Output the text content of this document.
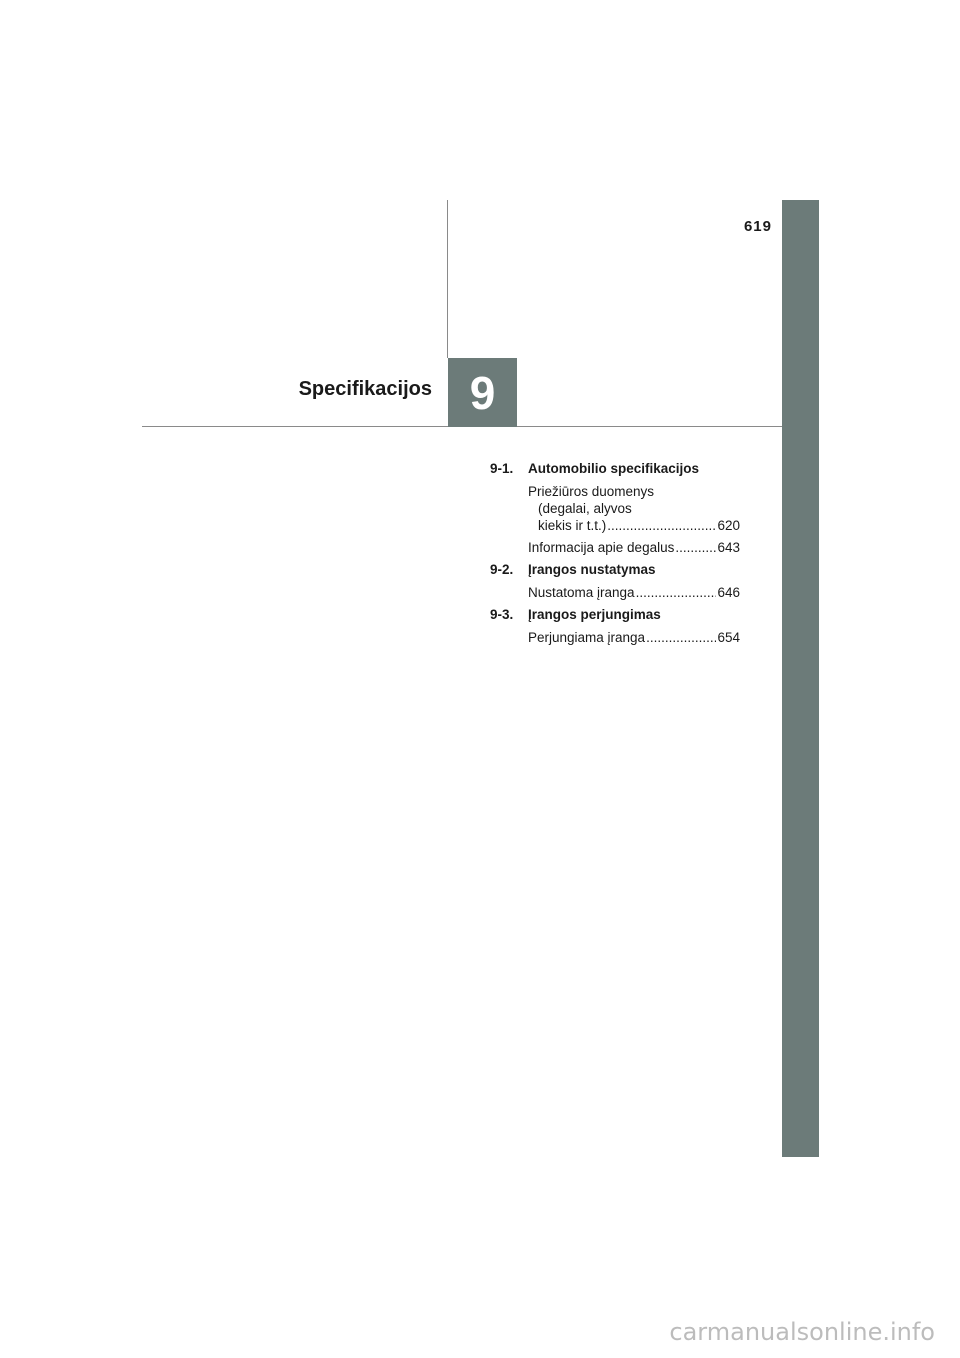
619
9
Specifikacijos
9-1.	Automobilio specifikacijos
Priežiūros duomenys
(degalai, alyvos
kiekis ir t.t.) .....	620
Informacija apie degalus .....	643
9-2.	Įrangos nustatymas
Nustatoma įranga .....	646
9-3.	Įrangos perjungimas
Perjungiama įranga .....	654
carmanualsonline.info
